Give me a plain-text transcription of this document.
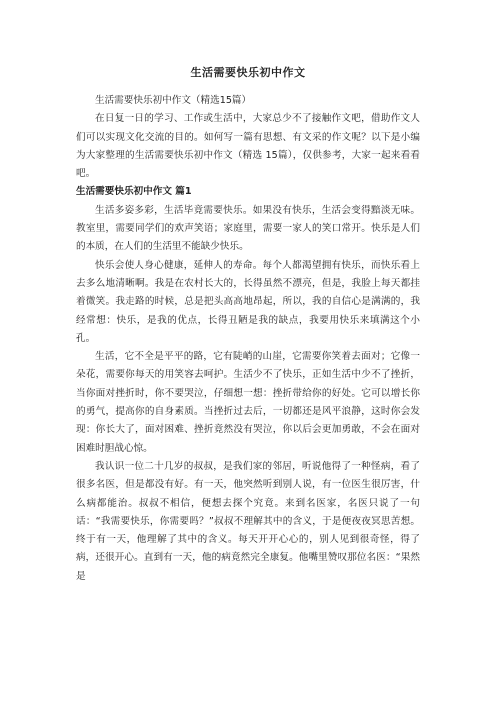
生活需要快乐初中作文

生活需要快乐初中作文（精选15篇）

在日复一日的学习、工作或生活中，大家总少不了接触作文吧，借助作文人们可以实现文化交流的目的。如何写一篇有思想、有文采的作文呢？以下是小编为大家整理的生活需要快乐初中作文（精选 15篇），仅供参考，大家一起来看看吧。

生活需要快乐初中作文 篇1

生活多姿多彩，生活毕竟需要快乐。如果没有快乐，生活会变得黯淡无味。教室里，需要同学们的欢声笑语；家庭里，需要一家人的笑口常开。快乐是人们的本质，在人们的生活里不能缺少快乐。

快乐会使人身心健康，延伸人的寿命。每个人都渴望拥有快乐，而快乐看上去多么地清晰啊。我是在农村长大的，长得虽然不漂亮，但是，我脸上每天都挂着微笑。我走路的时候，总是把头高高地昂起，所以，我的自信心是满满的，我经常想：快乐，是我的优点，长得丑陋是我的缺点，我要用快乐来填满这个小孔。

生活，它不全是平平的路，它有陡峭的山崖，它需要你笑着去面对；它像一朵花，需要你每天的用笑容去呵护。生活少不了快乐，正如生活中少不了挫折，当你面对挫折时，你不要哭泣，仔细想一想：挫折带给你的好处。它可以增长你的勇气，提高你的自身素质。当挫折过去后，一切都还是风平浪静，这时你会发现：你长大了，面对困难、挫折竟然没有哭泣，你以后会更加勇敢，不会在面对困难时胆战心惊。

我认识一位二十几岁的叔叔，是我们家的邻居，听说他得了一种怪病，看了很多名医，但是都没有好。有一天，他突然听到别人说，有一位医生很厉害，什么病都能治。叔叔不相信，便想去探个究竟。来到名医家，名医只说了一句话：“我需要快乐，你需要吗？”叔叔不理解其中的含义，于是便夜夜冥思苦想。终于有一天，他理解了其中的含义。每天开开心心的，别人见到很奇怪，得了病，还很开心。直到有一天，他的病竟然完全康复。他嘴里赞叹那位名医：“果然是
